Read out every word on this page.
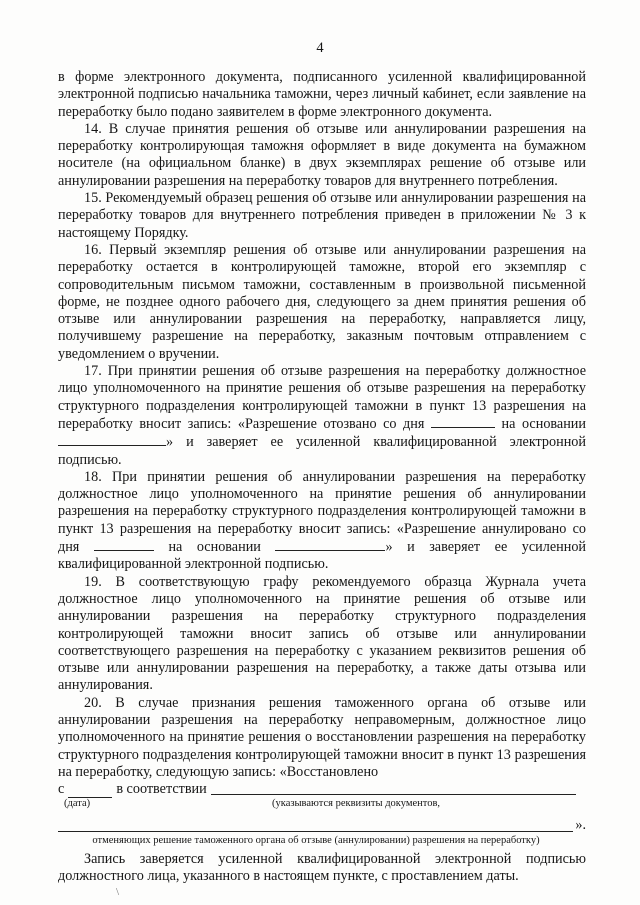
4

в форме электронного документа, подписанного усиленной квалифицированной электронной подписью начальника таможни, через личный кабинет, если заявление на переработку было подано заявителем в форме электронного документа.

14. В случае принятия решения об отзыве или аннулировании разрешения на переработку контролирующая таможня оформляет в виде документа на бумажном носителе (на официальном бланке) в двух экземплярах решение об отзыве или аннулировании разрешения на переработку товаров для внутреннего потребления.

15. Рекомендуемый образец решения об отзыве или аннулировании разрешения на переработку товаров для внутреннего потребления приведен в приложении № 3 к настоящему Порядку.

16. Первый экземпляр решения об отзыве или аннулировании разрешения на переработку остается в контролирующей таможне, второй его экземпляр с сопроводительным письмом таможни, составленным в произвольной письменной форме, не позднее одного рабочего дня, следующего за днем принятия решения об отзыве или аннулировании разрешения на переработку, направляется лицу, получившему разрешение на переработку, заказным почтовым отправлением с уведомлением о вручении.

17. При принятии решения об отзыве разрешения на переработку должностное лицо уполномоченного на принятие решения об отзыве разрешения на переработку структурного подразделения контролирующей таможни в пункт 13 разрешения на переработку вносит запись: «Разрешение отозвано со дня	на основании » и заверяет ее усиленной квалифицированной электронной подписью.

18. При принятии решения об аннулировании разрешения на переработку должностное лицо уполномоченного на принятие решения об аннулировании разрешения на переработку структурного подразделения контролирующей таможни в пункт 13 разрешения на переработку вносит запись: «Разрешение аннулировано со дня	на основании	» и заверяет ее усиленной квалифицированной электронной подписью.

19. В соответствующую графу рекомендуемого образца Журнала учета должностное лицо уполномоченного на принятие решения об отзыве или аннулировании разрешения на переработку структурного подразделения контролирующей таможни вносит запись об отзыве или аннулировании соответствующего разрешения на переработку с указанием реквизитов решения об отзыве или аннулировании разрешения на переработку, а также даты отзыва или аннулирования.

20. В случае признания решения таможенного органа об отзыве или аннулировании разрешения на переработку неправомерным, должностное лицо уполномоченного на принятие решения о восстановлении разрешения на переработку структурного подразделения контролирующей таможни вносит в пункт 13 разрешения на переработку, следующую запись: «Восстановлено

с	в соответствии
(дата)	(указываются реквизиты документов,
».
отменяющих решение таможенного органа об отзыве (аннулировании) разрешения на переработку)

Запись заверяется усиленной квалифицированной электронной подписью должностного лица, указанного в настоящем пункте, с проставлением даты.

\
